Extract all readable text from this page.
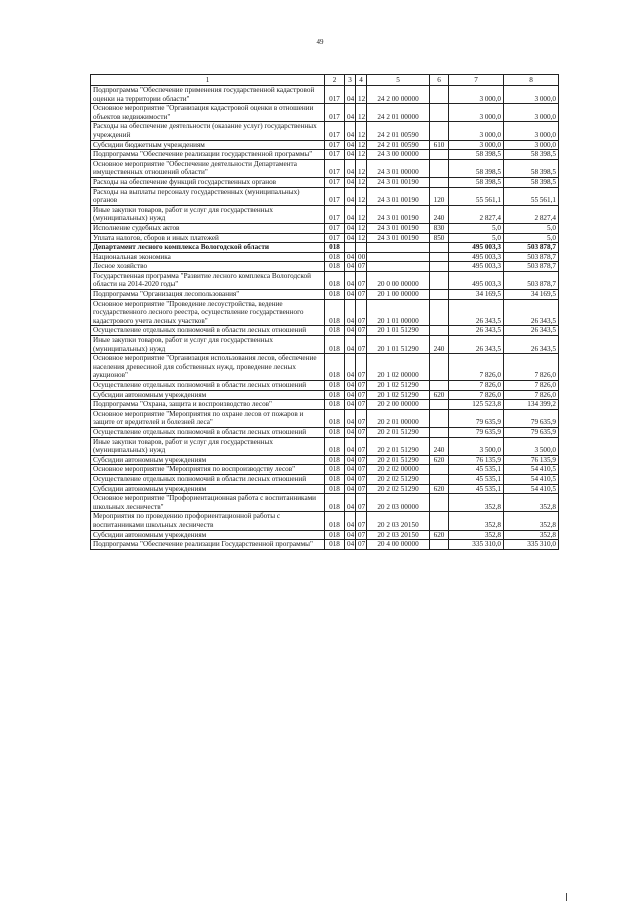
49
1	2	3	4	5	6	7	8
Подпрограмма "Обеспечение применения государственной кадастровой оценки на территории области"	017	04	12	24 2 00 00000		3 000,0	3 000,0
Основное мероприятие "Организация кадастровой оценки в отношении объектов недвижимости"	017	04	12	24 2 01 00000		3 000,0	3 000,0
Расходы на обеспечение деятельности (оказание услуг) государственных учреждений	017	04	12	24 2 01 00590		3 000,0	3 000,0
Субсидии бюджетным учреждениям	017	04	12	24 2 01 00590	610	3 000,0	3 000,0
Подпрограмма "Обеспечение реализации государственной программы"	017	04	12	24 3 00 00000		58 398,5	58 398,5
Основное мероприятие "Обеспечение деятельности Департамента имущественных отношений области"	017	04	12	24 3 01 00000		58 398,5	58 398,5
Расходы на обеспечение функций государственных органов	017	04	12	24 3 01 00190		58 398,5	58 398,5
Расходы на выплаты персоналу государственных (муниципальных) органов	017	04	12	24 3 01 00190	120	55 561,1	55 561,1
Иные закупки товаров, работ и услуг для государственных (муниципальных) нужд	017	04	12	24 3 01 00190	240	2 827,4	2 827,4
Исполнение судебных актов	017	04	12	24 3 01 00190	830	5,0	5,0
Уплата налогов, сборов и иных платежей	017	04	12	24 3 01 00190	850	5,0	5,0
Департамент лесного комплекса Вологодской области	018					495 003,3	503 878,7
Национальная экономика	018	04	00			495 003,3	503 878,7
Лесное хозяйство	018	04	07			495 003,3	503 878,7
Государственная программа "Развитие лесного комплекса Вологодской области на 2014-2020 годы"	018	04	07	20 0 00 00000		495 003,3	503 878,7
Подпрограмма "Организация лесопользования"	018	04	07	20 1 00 00000		34 169,5	34 169,5
Основное мероприятие "Проведение лесоустройства, ведение государственного лесного реестра, осуществление государственного кадастрового учета лесных участков"	018	04	07	20 1 01 00000		26 343,5	26 343,5
Осуществление отдельных полномочий в области лесных отношений	018	04	07	20 1 01 51290		26 343,5	26 343,5
Иные закупки товаров, работ и услуг для государственных (муниципальных) нужд	018	04	07	20 1 01 51290	240	26 343,5	26 343,5
Основное мероприятие "Организация использования лесов, обеспечение населения древесиной для собственных нужд, проведение лесных аукционов"	018	04	07	20 1 02 00000		7 826,0	7 826,0
Осуществление отдельных полномочий в области лесных отношений	018	04	07	20 1 02 51290		7 826,0	7 826,0
Субсидии автономным учреждениям	018	04	07	20 1 02 51290	620	7 826,0	7 826,0
Подпрограмма "Охрана, защита и воспроизводство лесов"	018	04	07	20 2 00 00000		125 523,8	134 399,2
Основное мероприятие "Мероприятия по охране лесов от пожаров и защите от вредителей и болезней леса"	018	04	07	20 2 01 00000		79 635,9	79 635,9
Осуществление отдельных полномочий в области лесных отношений	018	04	07	20 2 01 51290		79 635,9	79 635,9
Иные закупки товаров, работ и услуг для государственных (муниципальных) нужд	018	04	07	20 2 01 51290	240	3 500,0	3 500,0
Субсидии автономным учреждениям	018	04	07	20 2 01 51290	620	76 135,9	76 135,9
Основное мероприятие "Мероприятия по воспроизводству лесов"	018	04	07	20 2 02 00000		45 535,1	54 410,5
Осуществление отдельных полномочий в области лесных отношений	018	04	07	20 2 02 51290		45 535,1	54 410,5
Субсидии автономным учреждениям	018	04	07	20 2 02 51290	620	45 535,1	54 410,5
Основное мероприятие "Профориентационная работа с воспитанниками школьных лесничеств"	018	04	07	20 2 03 00000		352,8	352,8
Мероприятия по проведению профориентационной работы с воспитанниками школьных лесничеств	018	04	07	20 2 03 20150		352,8	352,8
Субсидии автономным учреждениям	018	04	07	20 2 03 20150	620	352,8	352,8
Подпрограмма "Обеспечение реализации Государственной программы"	018	04	07	20 4 00 00000		335 310,0	335 310,0
